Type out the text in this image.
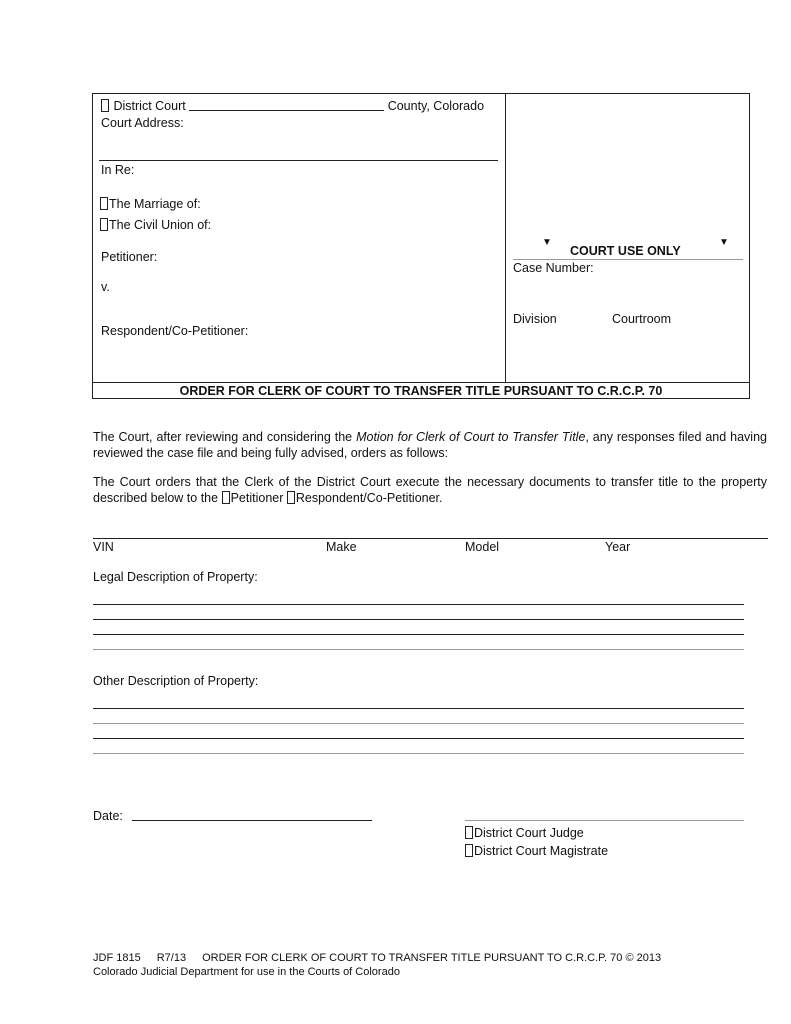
District Court	County, Colorado
Court Address:
In Re:
The Marriage of:
The Civil Union of:
Petitioner:
v.
Respondent/Co-Petitioner:
▼
COURT USE ONLY
▼
Case Number:
Division	Courtroom
ORDER FOR CLERK OF COURT TO TRANSFER TITLE PURSUANT TO C.R.C.P. 70
The Court, after reviewing and considering the Motion for Clerk of Court to Transfer Title, any responses filed and having reviewed the case file and being fully advised, orders as follows:
The Court orders that the Clerk of the District Court execute the necessary documents to transfer title to the property described below to the Petitioner Respondent/Co-Petitioner.
VIN	Make	Model	Year
Legal Description of Property:
Other Description of Property:
Date:
District Court Judge
District Court Magistrate
JDF 1815 R7/13 ORDER FOR CLERK OF COURT TO TRANSFER TITLE PURSUANT TO C.R.C.P. 70 © 2013
Colorado Judicial Department for use in the Courts of Colorado
